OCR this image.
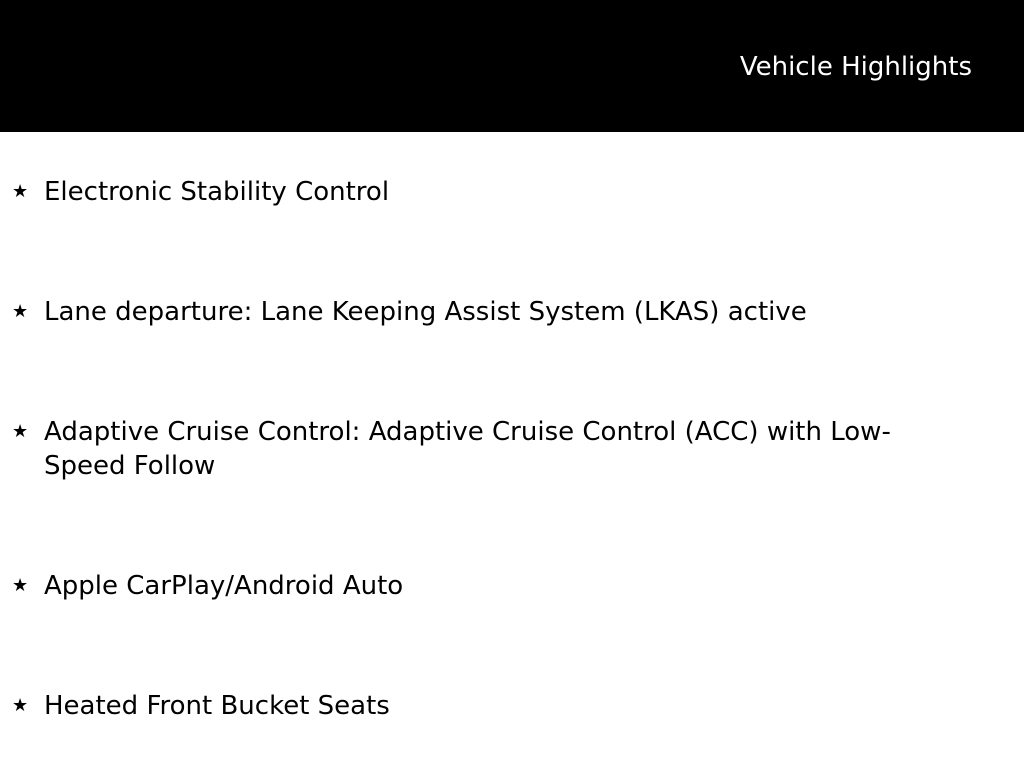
Vehicle Highlights
★ Electronic Stability Control
★ Lane departure: Lane Keeping Assist System (LKAS) active
★ Adaptive Cruise Control: Adaptive Cruise Control (ACC) with Low-Speed Follow
★ Apple CarPlay/Android Auto
★ Heated Front Bucket Seats
